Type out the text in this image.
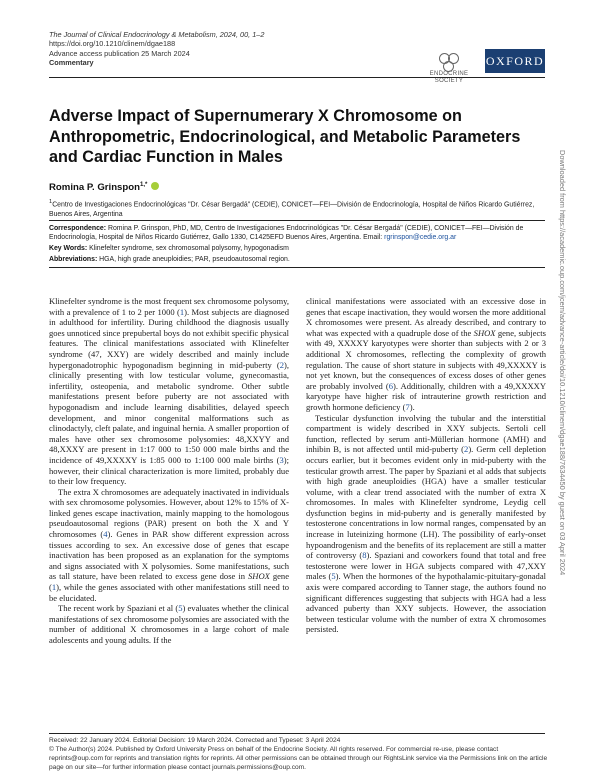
The Journal of Clinical Endocrinology & Metabolism, 2024, 00, 1–2
https://doi.org/10.1210/clinem/dgae188
Advance access publication 25 March 2024
Commentary
ENDOCRINE SOCIETY
OXFORD
Adverse Impact of Supernumerary X Chromosome on Anthropometric, Endocrinological, and Metabolic Parameters and Cardiac Function in Males
Romina P. Grinspon$^{1,*}$
$^1$Centro de Investigaciones Endocrinológicas "Dr. César Bergadá" (CEDIE), CONICET—FEI—División de Endocrinología, Hospital de Niños Ricardo Gutiérrez, Buenos Aires, Argentina
Correspondence: Romina P. Grinspon, PhD, MD, Centro de Investigaciones Endocrinológicas "Dr. César Bergadá" (CEDIE), CONICET—FEI—División de Endocrinología, Hospital de Niños Ricardo Gutiérrez, Gallo 1330, C1425EFD Buenos Aires, Argentina. Email: rgrinspon@cedie.org.ar
Key Words: Klinefelter syndrome, sex chromosomal polysomy, hypogonadism
Abbreviations: HGA, high grade aneuploidies; PAR, pseudoautosomal region.

Klinefelter syndrome is the most frequent sex chromosome polysomy, with a prevalence of 1 to 2 per 1000 (1). Most subjects are diagnosed in adulthood for infertility. During childhood the diagnosis usually goes unnoticed since prepubertal boys do not exhibit specific physical features. The clinical manifestations associated with Klinefelter syndrome (47, XXY) are widely described and mainly include hypergonadotrophic hypogonadism beginning in mid-puberty (2), clinically presenting with low testicular volume, gynecomastia, infertility, osteopenia, and metabolic syndrome. Other subtle manifestations present before puberty are not associated with hypogonadism and include learning disabilities, delayed speech development, and minor congenital malformations such as clinodactyly, cleft palate, and inguinal hernia. A smaller proportion of males have other sex chromosome polysomies: 48,XXYY and 48,XXXY are present in 1:17 000 to 1:50 000 male births and the incidence of 49,XXXXY is 1:85 000 to 1:100 000 male births (3); however, their clinical characterization is more limited, probably due to their low frequency.

The extra X chromosomes are adequately inactivated in individuals with sex chromosome polysomies. However, about 12% to 15% of X-linked genes escape inactivation, mainly mapping to the homologous pseudoautosomal regions (PAR) present on both the X and Y chromosomes (4). Genes in PAR show different expression across tissues according to sex. An excessive dose of genes that escape inactivation has been proposed as an explanation for the symptoms and signs associated with X polysomies. Some manifestations, such as tall stature, have been related to excess gene dose in SHOX gene (1), while the genes associated with other manifestations still need to be elucidated.

The recent work by Spaziani et al (5) evaluates whether the clinical manifestations of sex chromosome polysomies are associated with the number of additional X chromosomes in a large cohort of male adolescents and young adults. If the

clinical manifestations were associated with an excessive dose in genes that escape inactivation, they would worsen the more additional X chromosomes were present. As already described, and contrary to what was expected with a quadruple dose of the SHOX gene, subjects with 49, XXXXY karyotypes were shorter than subjects with 2 or 3 additional X chromosomes, reflecting the complexity of growth regulation. The cause of short stature in subjects with 49,XXXXY is not yet known, but the consequences of excess doses of other genes are probably involved (6). Additionally, children with a 49,XXXXY karyotype have higher risk of intrauterine growth restriction and growth hormone deficiency (7).

Testicular dysfunction involving the tubular and the interstitial compartment is widely described in XXY subjects. Sertoli cell function, reflected by serum anti-Müllerian hormone (AMH) and inhibin B, is not affected until mid-puberty (2). Germ cell depletion occurs earlier, but it becomes evident only in mid-puberty with the testicular growth arrest. The paper by Spaziani et al adds that subjects with high grade aneuploidies (HGA) have a smaller testicular volume, with a clear trend associated with the number of extra X chromosomes. In males with Klinefelter syndrome, Leydig cell dysfunction begins in mid-puberty and is generally manifested by testosterone concentrations in low normal ranges, compensated by an increase in luteinizing hormone (LH). The possibility of early-onset hypoandrogenism and the benefits of its replacement are still a matter of controversy (8). Spaziani and coworkers found that total and free testosterone were lower in HGA subjects compared with 47,XXY males (5). When the hormones of the hypothalamic-pituitary-gonadal axis were compared according to Tanner stage, the authors found no significant differences suggesting that subjects with HGA had a less advanced puberty than XXY subjects. However, the association between testicular volume with the number of extra X chromosomes persisted.

Downloaded from https://academic.oup.com/jcem/advance-article/doi/10.1210/clinem/dgae188/7634450 by guest on 03 April 2024
Received: 22 January 2024. Editorial Decision: 19 March 2024. Corrected and Typeset: 3 April 2024
© The Author(s) 2024. Published by Oxford University Press on behalf of the Endocrine Society. All rights reserved. For commercial re-use, please contact reprints@oup.com for reprints and translation rights for reprints. All other permissions can be obtained through our RightsLink service via the Permissions link on the article page on our site—for further information please contact journals.permissions@oup.com.
